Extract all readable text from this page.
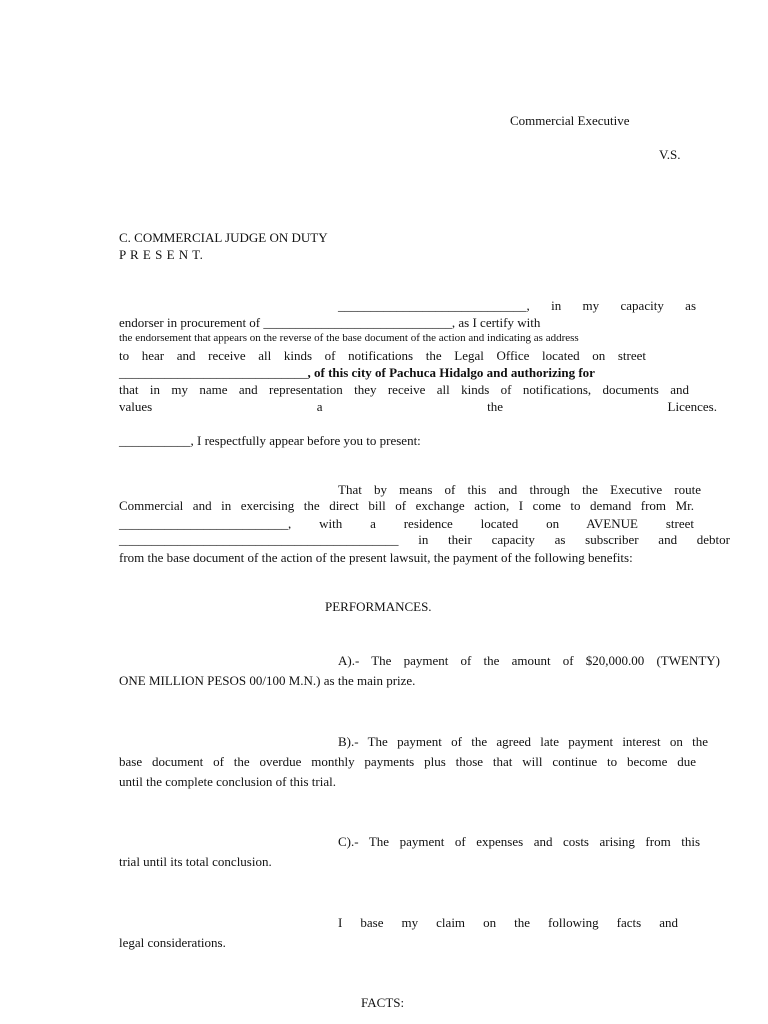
Commercial Executive
V.S.
C. COMMERCIAL JUDGE ON DUTY
P R E S E N T.
_____________________________, in my capacity as
endorser in procurement of _____________________________, as I certify with
the endorsement that appears on the reverse of the base document of the action and indicating as address
to hear and receive all kinds of notifications the Legal Office located on street
_____________________________, of this city of Pachuca Hidalgo and authorizing for
that in my name and representation they receive all kinds of notifications, documents and
values a the Licences.
___________, I respectfully appear before you to present:
That by means of this and through the Executive route
Commercial and in exercising the direct bill of exchange action, I come to demand from Mr.
__________________________, with a residence located on AVENUE street
___________________________________________ in their capacity as subscriber and debtor
from the base document of the action of the present lawsuit, the payment of the following benefits:
PERFORMANCES.
A).- The payment of the amount of $20,000.00 (TWENTY)
ONE MILLION PESOS 00/100 M.N.) as the main prize.
B).- The payment of the agreed late payment interest on the
base document of the overdue monthly payments plus those that will continue to become due
until the complete conclusion of this trial.
C).- The payment of expenses and costs arising from this
trial until its total conclusion.
I base my claim on the following facts and
legal considerations.
FACTS:
